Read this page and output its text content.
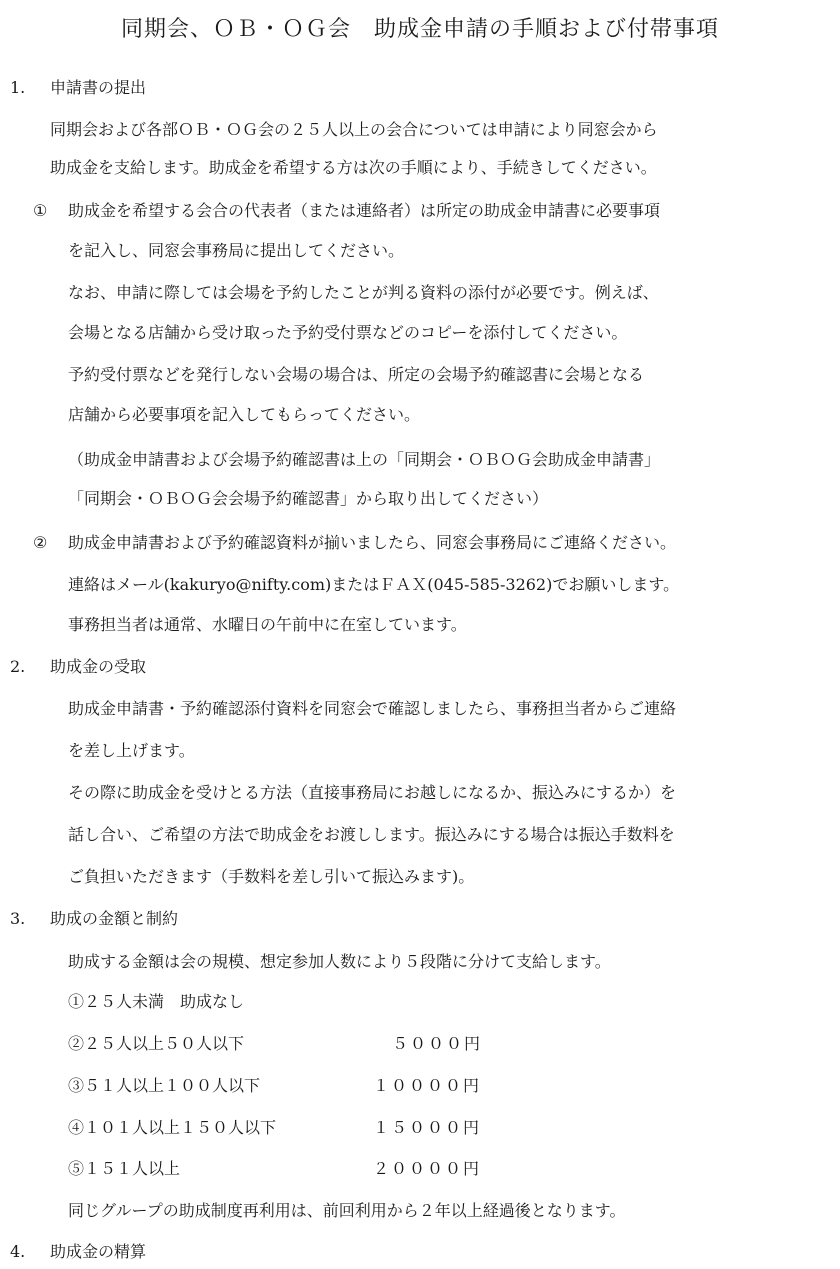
同期会、ＯＢ・ＯＧ会　助成金申請の手順および付帯事項
1. 申請書の提出
同期会および各部ＯＢ・ＯＧ会の２５人以上の会合については申請により同窓会から
助成金を支給します。助成金を希望する方は次の手順により、手続きしてください。
① 助成金を希望する会合の代表者（または連絡者）は所定の助成金申請書に必要事項
を記入し、同窓会事務局に提出してください。
なお、申請に際しては会場を予約したことが判る資料の添付が必要です。例えば、
会場となる店舗から受け取った予約受付票などのコピーを添付してください。
予約受付票などを発行しない会場の場合は、所定の会場予約確認書に会場となる
店舗から必要事項を記入してもらってください。
（助成金申請書および会場予約確認書は上の「同期会・ＯＢＯＧ会助成金申請書」
「同期会・ＯＢＯＧ会会場予約確認書」から取り出してください）
② 助成金申請書および予約確認資料が揃いましたら、同窓会事務局にご連絡ください。
連絡はメール(kakuryo@nifty.com)またはＦＡＸ(045-585-3262)でお願いします。
事務担当者は通常、水曜日の午前中に在室しています。
2. 助成金の受取
助成金申請書・予約確認添付資料を同窓会で確認しましたら、事務担当者からご連絡
を差し上げます。
その際に助成金を受けとる方法（直接事務局にお越しになるか、振込みにするか）を
話し合い、ご希望の方法で助成金をお渡しします。振込みにする場合は振込手数料を
ご負担いただきます（手数料を差し引いて振込みます)。
3. 助成の金額と制約
助成する金額は会の規模、想定参加人数により５段階に分けて支給します。
①２５人未満　助成なし
②２５人以上５０人以下	５０００円
③５１人以上１００人以下	１００００円
④１０１人以上１５０人以下	１５０００円
⑤１５１人以上	２００００円
同じグループの助成制度再利用は、前回利用から２年以上経過後となります。
4. 助成金の精算
